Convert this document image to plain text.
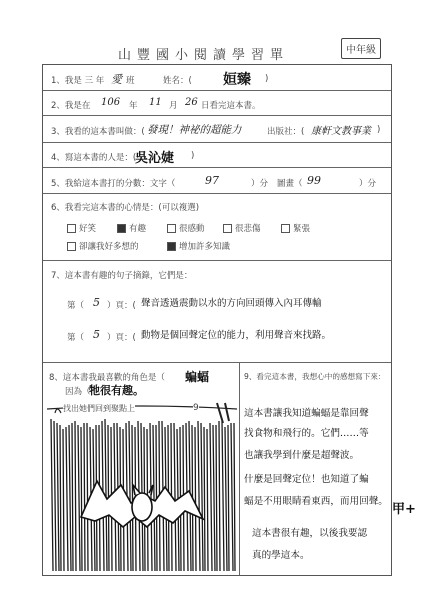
山豐國小閱讀學習單	中年級
1、我是 三 年 愛 班	姓名：( 姮臻 )
2、我是在 106 年 11 月 26 日看完這本書。
3、我看的這本書叫做：( 發現！神祕的超能力	出版社：( 康軒文教事業 )
4、寫這本書的人是：(
吳沁婕 )
5、我給這本書打的分數：文字（	97	）分 圖畫（ 99	）分
6、我看完這本書的心情是：(可以複選)
好笑	有趣	很感動	很悲傷	緊張
卻讓我好多想的	增加許多知識
7、這本書有趣的句子摘錄，它們是：
第（ 5 ）頁：( 聲音透過震動以水的方向回頭傳入內耳傳輸
第（ 5 ）頁：( 動物是個回聲定位的能力，利用聲音來找路。
8、這本書我最喜歡的角色是（ 蝙蝠
因為（
牠很有趣。
找出她們回到聚點上	9
9、看完這本書，我想心中的感想寫下來：
這本書讓我知道蝙蝠是靠回聲
找食物和飛行的。它們……等
也讓我學到什麼是超聲波。
什麼是回聲定位！也知道了蝙
蝠是不用眼睛看東西，而用回聲。
這本書很有趣，以後我要認
真的學這本。
甲+
